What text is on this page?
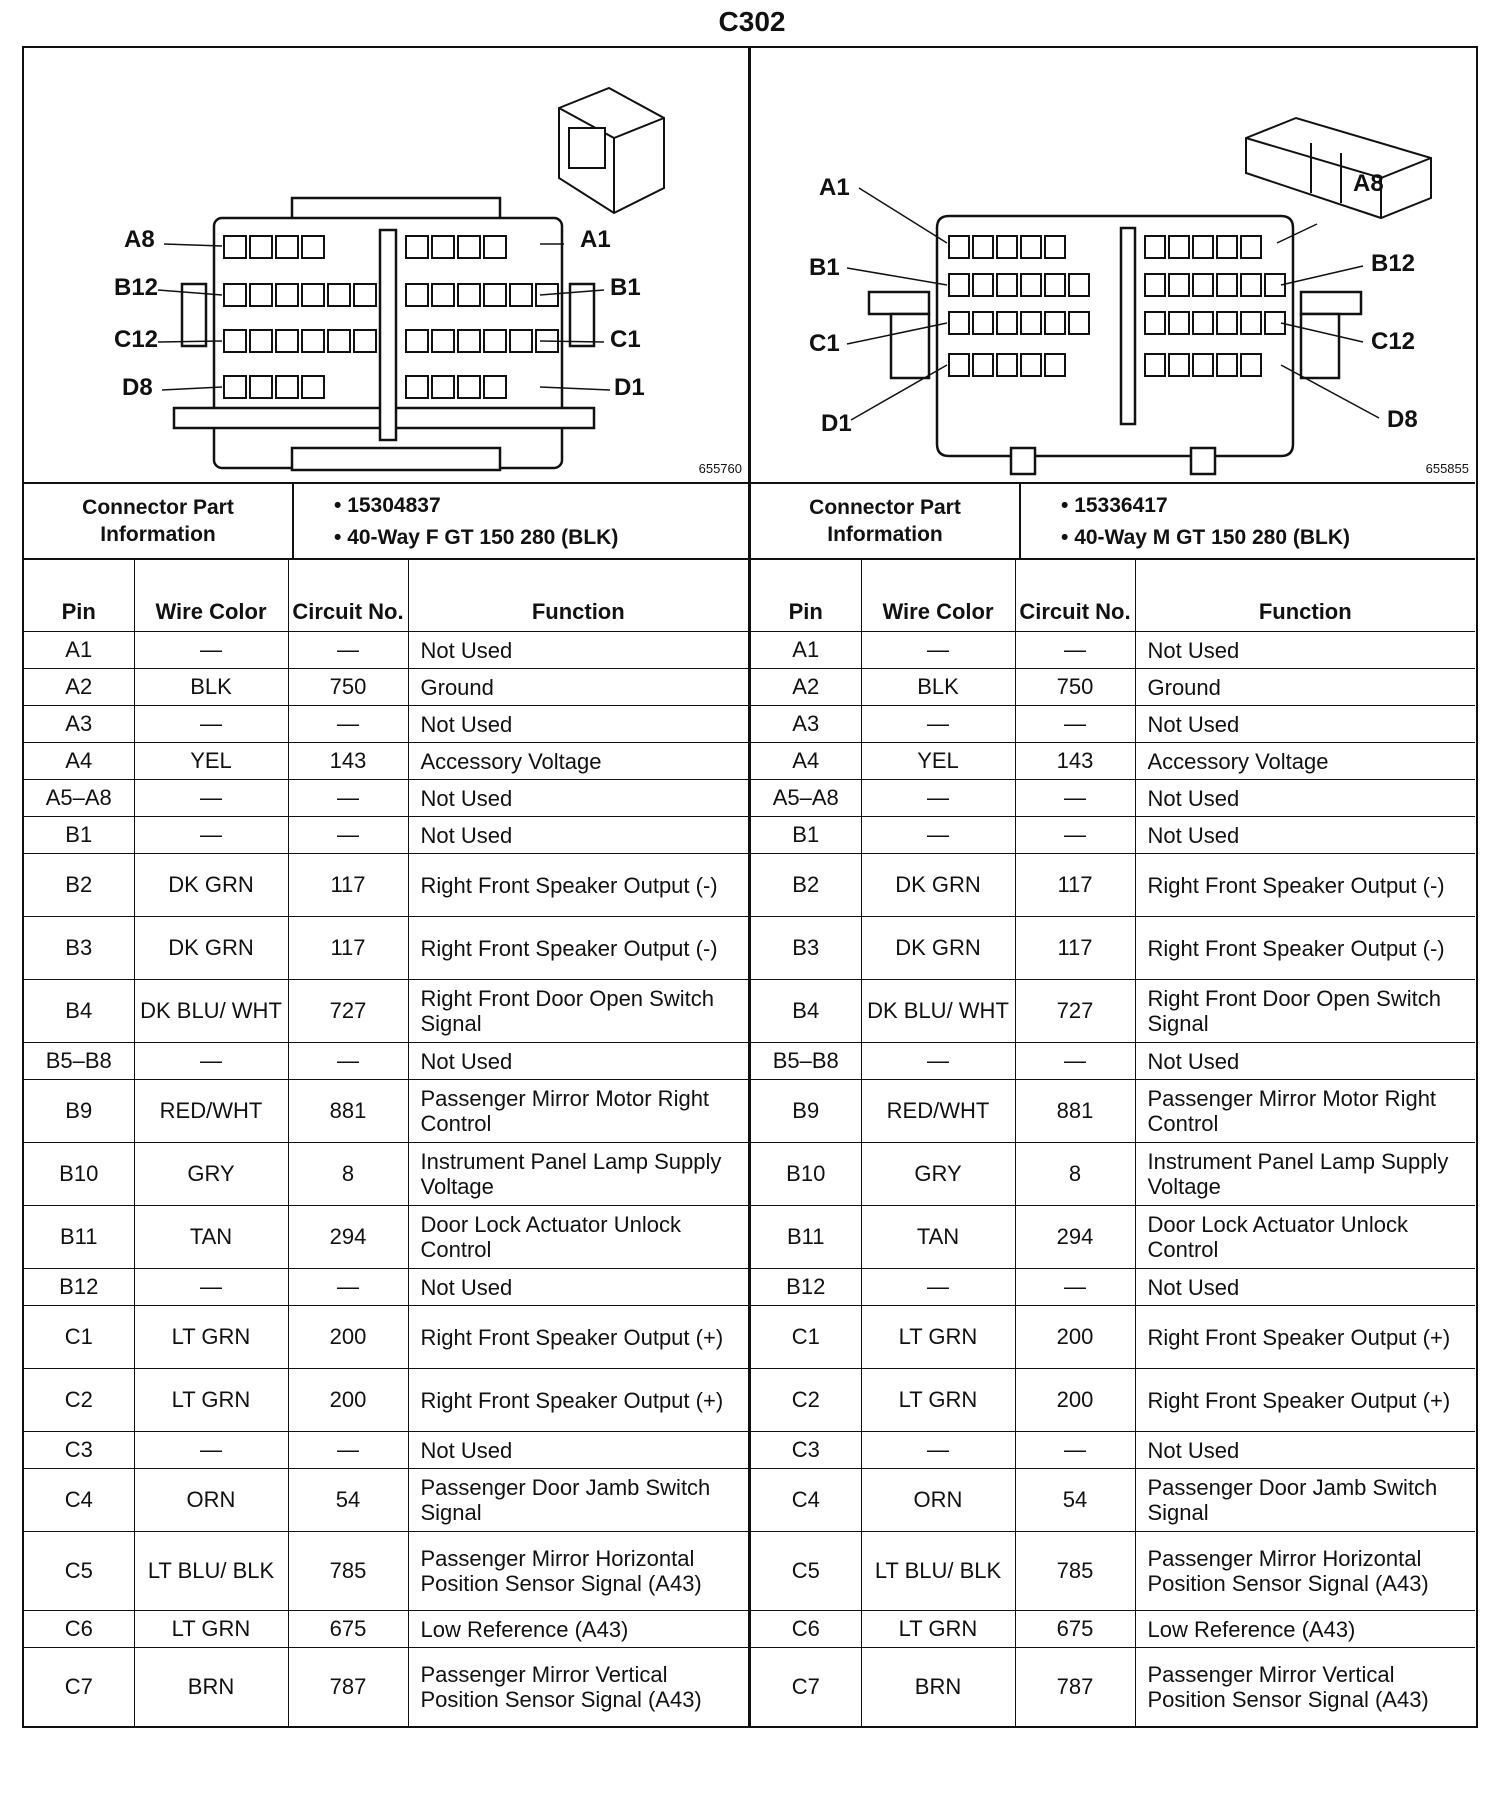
C302
A8	A1
B12	B1
C12	C1
D8	D1
655760
Connector Part Information
• 15304837
• 40-Way F GT 150 280 (BLK)
Pin	Wire Color	Circuit No.	Function
A1	—	—	Not Used
A2	BLK	750	Ground
A3	—	—	Not Used
A4	YEL	143	Accessory Voltage
A5–A8	—	—	Not Used
B1	—	—	Not Used
B2	DK GRN	117	Right Front Speaker Output (-)
B3	DK GRN	117	Right Front Speaker Output (-)
B4	DK BLU/ WHT	727	Right Front Door Open Switch Signal
B5–B8	—	—	Not Used
B9	RED/WHT	881	Passenger Mirror Motor Right Control
B10	GRY	8	Instrument Panel Lamp Supply Voltage
B11	TAN	294	Door Lock Actuator Unlock Control
B12	—	—	Not Used
C1	LT GRN	200	Right Front Speaker Output (+)
C2	LT GRN	200	Right Front Speaker Output (+)
C3	—	—	Not Used
C4	ORN	54	Passenger Door Jamb Switch Signal
C5	LT BLU/ BLK	785	Passenger Mirror Horizontal Position Sensor Signal (A43)
C6	LT GRN	675	Low Reference (A43)
C7	BRN	787	Passenger Mirror Vertical Position Sensor Signal (A43)
A1	A8
B1	B12
C1	C12
D1	D8
655855
Connector Part Information
• 15336417
• 40-Way M GT 150 280 (BLK)
Pin	Wire Color	Circuit No.	Function
A1	—	—	Not Used
A2	BLK	750	Ground
A3	—	—	Not Used
A4	YEL	143	Accessory Voltage
A5–A8	—	—	Not Used
B1	—	—	Not Used
B2	DK GRN	117	Right Front Speaker Output (-)
B3	DK GRN	117	Right Front Speaker Output (-)
B4	DK BLU/ WHT	727	Right Front Door Open Switch Signal
B5–B8	—	—	Not Used
B9	RED/WHT	881	Passenger Mirror Motor Right Control
B10	GRY	8	Instrument Panel Lamp Supply Voltage
B11	TAN	294	Door Lock Actuator Unlock Control
B12	—	—	Not Used
C1	LT GRN	200	Right Front Speaker Output (+)
C2	LT GRN	200	Right Front Speaker Output (+)
C3	—	—	Not Used
C4	ORN	54	Passenger Door Jamb Switch Signal
C5	LT BLU/ BLK	785	Passenger Mirror Horizontal Position Sensor Signal (A43)
C6	LT GRN	675	Low Reference (A43)
C7	BRN	787	Passenger Mirror Vertical Position Sensor Signal (A43)
